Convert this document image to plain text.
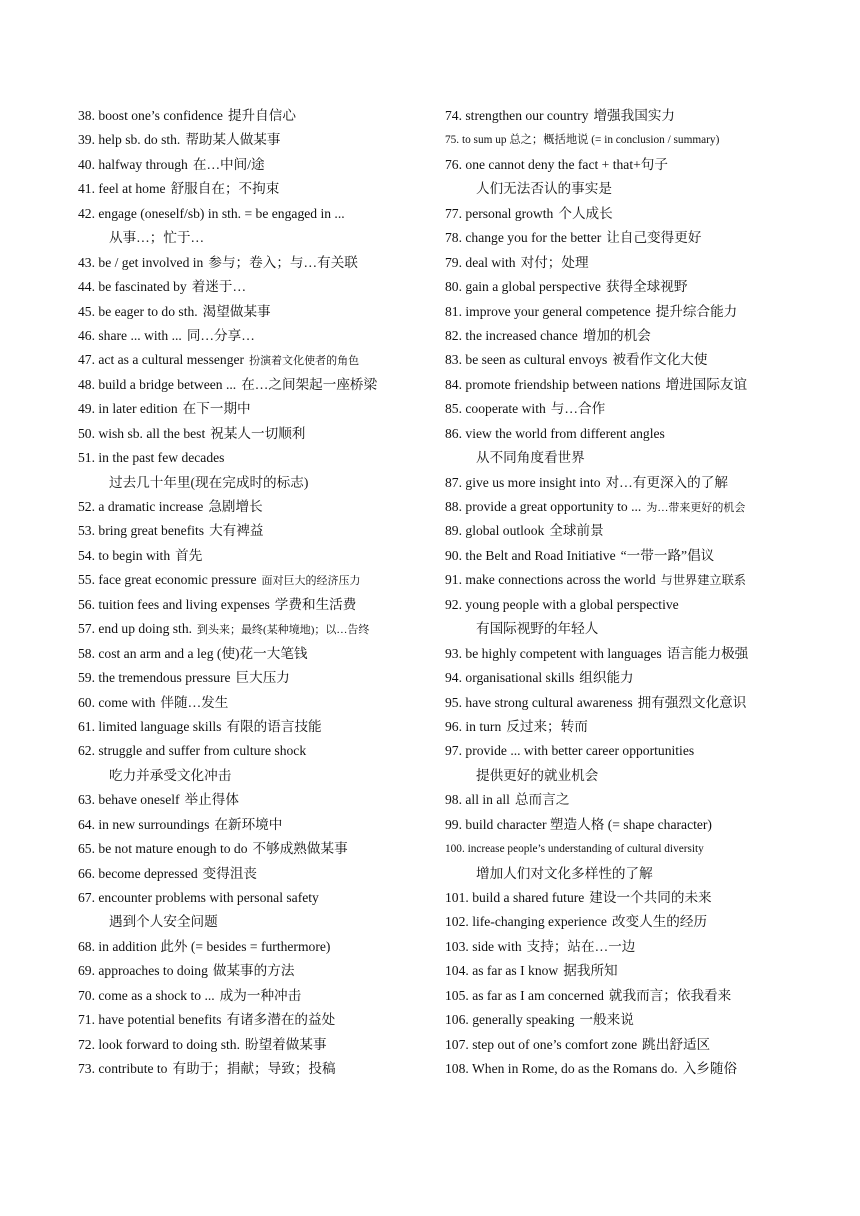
38. boost one’s confidence 提升自信心
39. help sb. do sth. 帮助某人做某事
40. halfway through 在…中间/途
41. feel at home 舒服自在；不拘束
42. engage (oneself/sb) in sth. = be engaged in ...
从事…；忙于…
43. be / get involved in 参与；卷入；与…有关联
44. be fascinated by 着迷于…
45. be eager to do sth. 渴望做某事
46. share ... with ... 同…分享…
47. act as a cultural messenger 扮演着文化使者的角色
48. build a bridge between ... 在…之间架起一座桥梁
49. in later edition 在下一期中
50. wish sb. all the best 祝某人一切顺利
51. in the past few decades
过去几十年里(现在完成时的标志)
52. a dramatic increase 急剧增长
53. bring great benefits 大有裨益
54. to begin with 首先
55. face great economic pressure 面对巨大的经济压力
56. tuition fees and living expenses 学费和生活费
57. end up doing sth. 到头来；最终(某种境地)；以…告终
58. cost an arm and a leg (使)花一大笔钱
59. the tremendous pressure 巨大压力
60. come with 伴随…发生
61. limited language skills 有限的语言技能
62. struggle and suffer from culture shock
吃力并承受文化冲击
63. behave oneself 举止得体
64. in new surroundings 在新环境中
65. be not mature enough to do 不够成熟做某事
66. become depressed 变得沮丧
67. encounter problems with personal safety
遇到个人安全问题
68. in addition 此外 (= besides = furthermore)
69. approaches to doing 做某事的方法
70. come as a shock to ... 成为一种冲击
71. have potential benefits 有诸多潜在的益处
72. look forward to doing sth. 盼望着做某事
73. contribute to 有助于；捐献；导致；投稿
74. strengthen our country 增强我国实力
75. to sum up 总之；概括地说 (= in conclusion / summary)
76. one cannot deny the fact + that+句子
人们无法否认的事实是
77. personal growth 个人成长
78. change you for the better 让自己变得更好
79. deal with 对付；处理
80. gain a global perspective 获得全球视野
81. improve your general competence 提升综合能力
82. the increased chance 增加的机会
83. be seen as cultural envoys 被看作文化大使
84. promote friendship between nations 增进国际友谊
85. cooperate with 与…合作
86. view the world from different angles
从不同角度看世界
87. give us more insight into 对…有更深入的了解
88. provide a great opportunity to ... 为…带来更好的机会
89. global outlook 全球前景
90. the Belt and Road Initiative “一带一路”倡议
91. make connections across the world 与世界建立联系
92. young people with a global perspective
有国际视野的年轻人
93. be highly competent with languages 语言能力极强
94. organisational skills 组织能力
95. have strong cultural awareness 拥有强烈文化意识
96. in turn 反过来；转而
97. provide ... with better career opportunities
提供更好的就业机会
98. all in all 总而言之
99. build character 塑造人格 (= shape character)
100. increase people’s understanding of cultural diversity
增加人们对文化多样性的了解
101. build a shared future 建设一个共同的未来
102. life-changing experience 改变人生的经历
103. side with 支持；站在…一边
104. as far as I know 据我所知
105. as far as I am concerned 就我而言；依我看来
106. generally speaking 一般来说
107. step out of one’s comfort zone 跳出舒适区
108. When in Rome, do as the Romans do. 入乡随俗
